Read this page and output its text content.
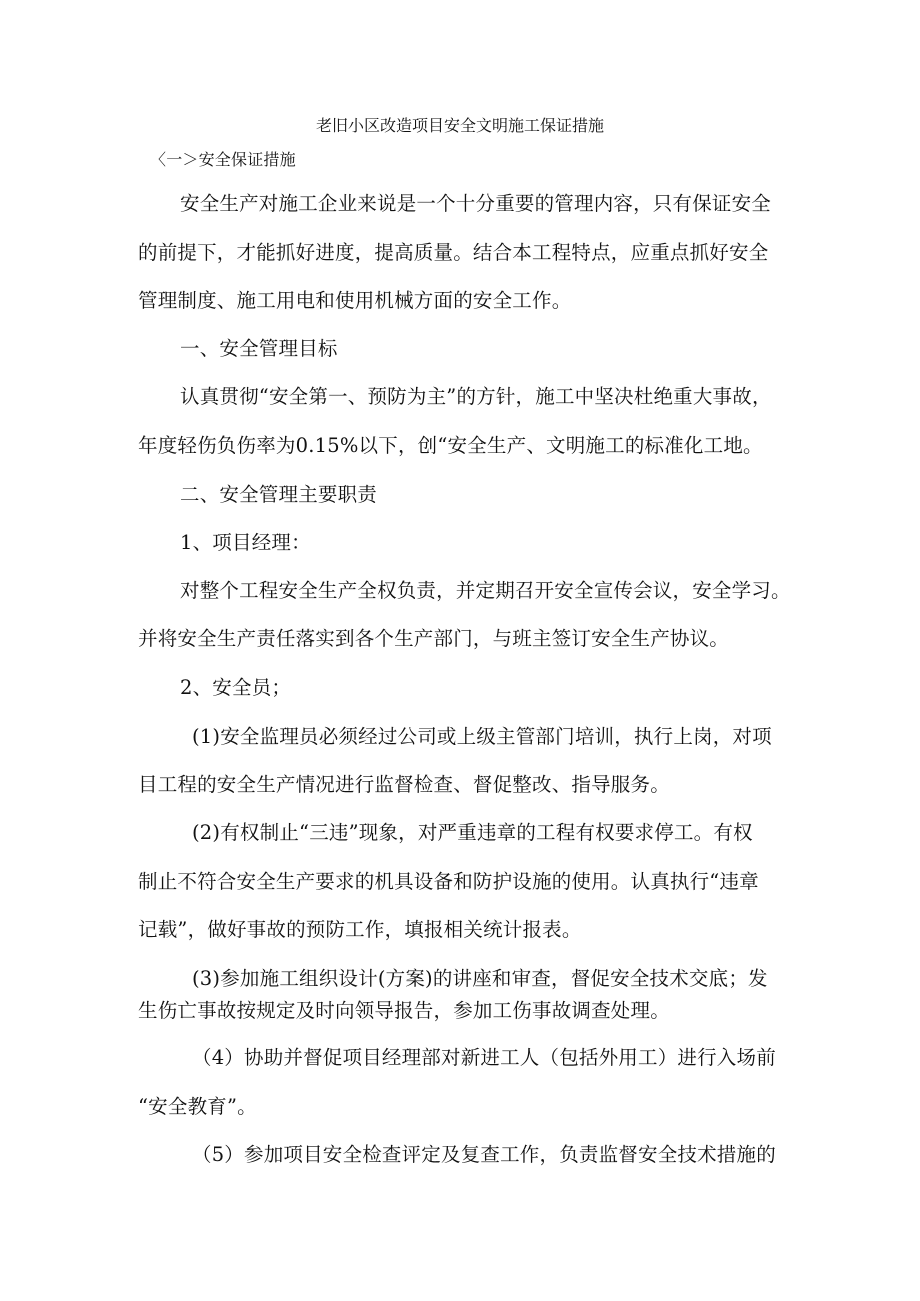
老旧小区改造项目安全文明施工保证措施
〈一＞安全保证措施
安全生产对施工企业来说是一个十分重要的管理内容，只有保证安全
的前提下，才能抓好进度，提高质量。结合本工程特点，应重点抓好安全
管理制度、施工用电和使用机械方面的安全工作。
一、安全管理目标
认真贯彻“安全第一、预防为主”的方针，施工中坚决杜绝重大事故，
年度轻伤负伤率为0.15%以下，创“安全生产、文明施工的标准化工地。
二、安全管理主要职责
1、项目经理：
对整个工程安全生产全权负责，并定期召开安全宣传会议，安全学习。
并将安全生产责任落实到各个生产部门，与班主签订安全生产协议。
2、安全员；
(1)安全监理员必须经过公司或上级主管部门培训，执行上岗，对项
目工程的安全生产情况进行监督检查、督促整改、指导服务。
(2)有权制止“三违”现象，对严重违章的工程有权要求停工。有权
制止不符合安全生产要求的机具设备和防护设施的使用。认真执行“违章
记载”，做好事故的预防工作，填报相关统计报表。
(3)参加施工组织设计(方案)的讲座和审查，督促安全技术交底；发
生伤亡事故按规定及时向领导报告，参加工伤事故调查处理。
（4）协助并督促项目经理部对新进工人（包括外用工）进行入场前
“安全教育”。
（5）参加项目安全检查评定及复查工作，负责监督安全技术措施的
